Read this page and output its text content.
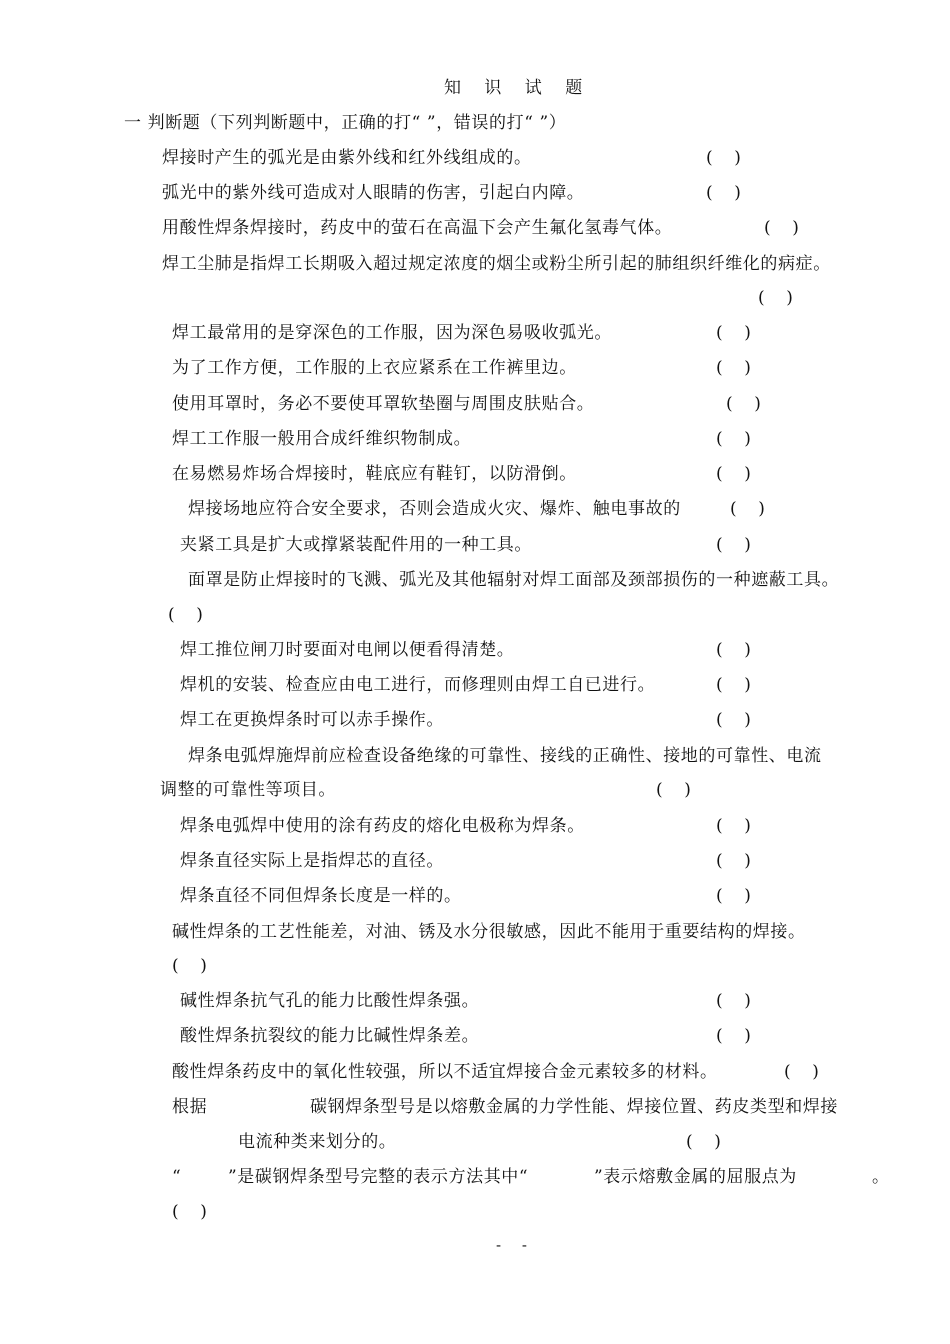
知 识 试 题
一 判断题（下列判断题中，正确的打“ ”，错误的打“ ”）
焊接时产生的弧光是由紫外线和红外线组成的。	(    )
弧光中的紫外线可造成对人眼睛的伤害，引起白内障。	(    )
用酸性焊条焊接时，药皮中的萤石在高温下会产生氟化氢毒气体。	(    )
焊工尘肺是指焊工长期吸入超过规定浓度的烟尘或粉尘所引起的肺组织纤维化的病症。
(    )
焊工最常用的是穿深色的工作服，因为深色易吸收弧光。	(    )
为了工作方便，工作服的上衣应紧系在工作裤里边。	(    )
使用耳罩时，务必不要使耳罩软垫圈与周围皮肤贴合。	(    )
焊工工作服一般用合成纤维织物制成。	(    )
在易燃易炸场合焊接时，鞋底应有鞋钉，以防滑倒。	(    )
焊接场地应符合安全要求，否则会造成火灾、爆炸、触电事故的	(    )
夹紧工具是扩大或撑紧装配件用的一种工具。	(    )
面罩是防止焊接时的飞溅、弧光及其他辐射对焊工面部及颈部损伤的一种遮蔽工具。
(    )
焊工推位闸刀时要面对电闸以便看得清楚。	(    )
焊机的安装、检查应由电工进行，而修理则由焊工自已进行。	(    )
焊工在更换焊条时可以赤手操作。	(    )
焊条电弧焊施焊前应检查设备绝缘的可靠性、接线的正确性、接地的可靠性、电流
调整的可靠性等项目。	(    )
焊条电弧焊中使用的涂有药皮的熔化电极称为焊条。	(    )
焊条直径实际上是指焊芯的直径。	(    )
焊条直径不同但焊条长度是一样的。	(    )
碱性焊条的工艺性能差，对油、锈及水分很敏感，因此不能用于重要结构的焊接。
(    )
碱性焊条抗气孔的能力比酸性焊条强。	(    )
酸性焊条抗裂纹的能力比碱性焊条差。	(    )
酸性焊条药皮中的氧化性较强，所以不适宜焊接合金元素较多的材料。	(    )
根据	碳钢焊条型号是以熔敷金属的力学性能、焊接位置、药皮类型和焊接
电流种类来划分的。	(    )
“	”是碳钢焊条型号完整的表示方法其中“	”表示熔敷金属的屈服点为	。
(    )
- -
